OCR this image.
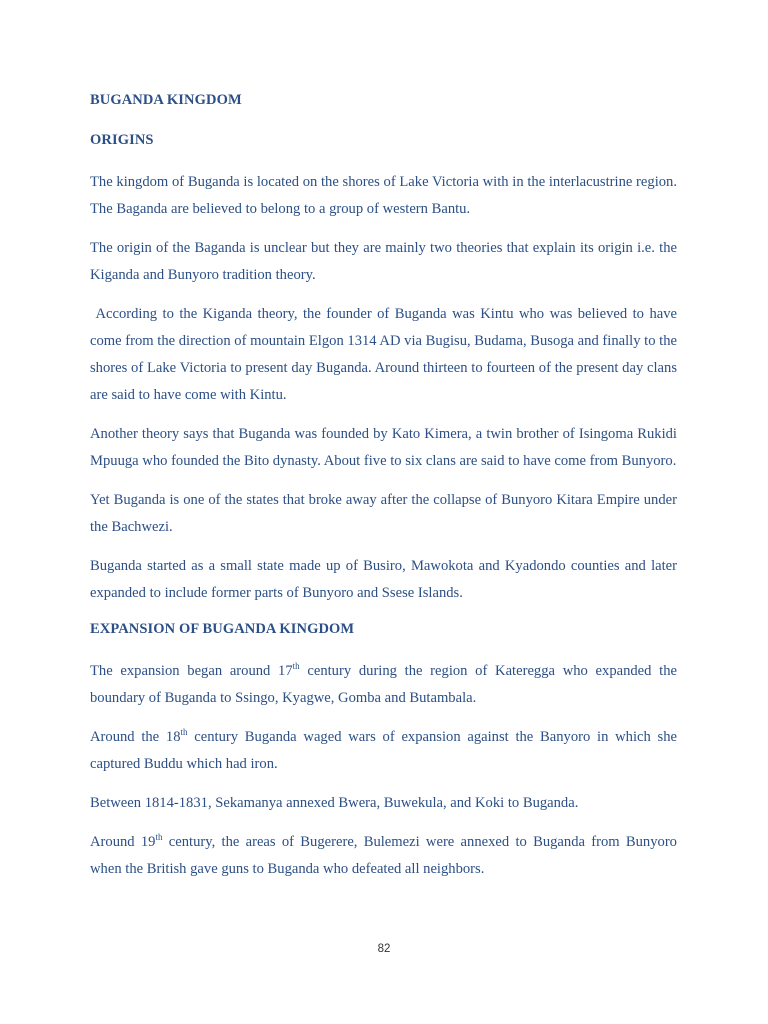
BUGANDA KINGDOM
ORIGINS

The kingdom of Buganda is located on the shores of Lake Victoria with in the interlacustrine region. The Baganda are believed to belong to a group of western Bantu.

The origin of the Baganda is unclear but they are mainly two theories that explain its origin i.e. the Kiganda and Bunyoro tradition theory.

According to the Kiganda theory, the founder of Buganda was Kintu who was believed to have come from the direction of mountain Elgon 1314 AD via Bugisu, Budama, Busoga and finally to the shores of Lake Victoria to present day Buganda. Around thirteen to fourteen of the present day clans are said to have come with Kintu.

Another theory says that Buganda was founded by Kato Kimera, a twin brother of Isingoma Rukidi Mpuuga who founded the Bito dynasty. About five to six clans are said to have come from Bunyoro.

Yet Buganda is one of the states that broke away after the collapse of Bunyoro Kitara Empire under the Bachwezi.

Buganda started as a small state made up of Busiro, Mawokota and Kyadondo counties and later expanded to include former parts of Bunyoro and Ssese Islands.

EXPANSION OF BUGANDA KINGDOM

The expansion began around 17th century during the region of Kateregga who expanded the boundary of Buganda to Ssingo, Kyagwe, Gomba and Butambala.

Around the 18th century Buganda waged wars of expansion against the Banyoro in which she captured Buddu which had iron.

Between 1814-1831, Sekamanya annexed Bwera, Buwekula, and Koki to Buganda.

Around 19th century, the areas of Bugerere, Bulemezi were annexed to Buganda from Bunyoro when the British gave guns to Buganda who defeated all neighbors.

82
